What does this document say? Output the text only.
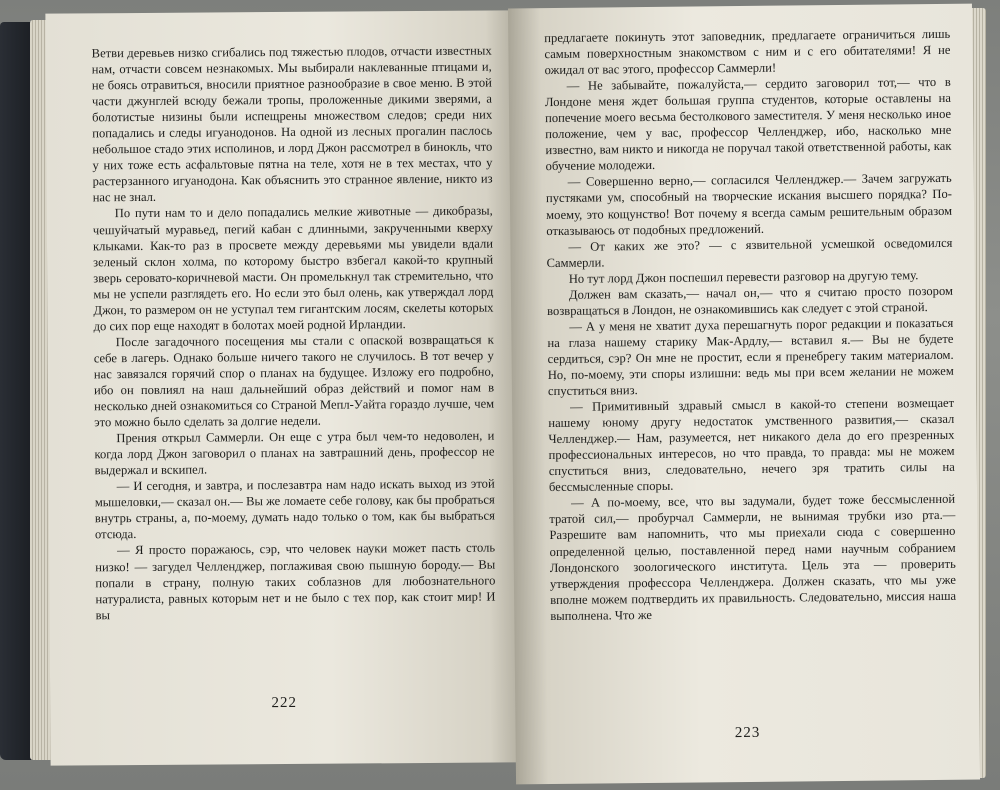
Ветви деревьев низко сгибались под тяжестью плодов, отчасти известных нам, отчасти совсем незнакомых. Мы выбирали наклеванные птицами и, не боясь отравиться, вносили приятное разнообразие в свое меню. В этой части джунглей всюду бежали тропы, проложенные дикими зверями, а болотистые низины были испещрены множеством следов; среди них попадались и следы игуанодонов. На одной из лесных прогалин паслось небольшое стадо этих исполинов, и лорд Джон рассмотрел в бинокль, что у них тоже есть асфальтовые пятна на теле, хотя не в тех местах, что у растерзанного игуанодона. Как объяснить это странное явление, никто из нас не знал.

По пути нам то и дело попадались мелкие животные — дикобразы, чешуйчатый муравьед, пегий кабан с длинными, закрученными кверху клыками. Как-то раз в просвете между деревьями мы увидели вдали зеленый склон холма, по которому быстро взбегал какой-то крупный зверь серовато-коричневой масти. Он промелькнул так стремительно, что мы не успели разглядеть его. Но если это был олень, как утверждал лорд Джон, то размером он не уступал тем гигантским лосям, скелеты которых до сих пор еще находят в болотах моей родной Ирландии.

После загадочного посещения мы стали с опаской возвращаться к себе в лагерь. Однако больше ничего такого не случилось. В тот вечер у нас завязался горячий спор о планах на будущее. Изложу его подробно, ибо он повлиял на наш дальнейший образ действий и помог нам в несколько дней ознакомиться со Страной Мепл-Уайта гораздо лучше, чем это можно было сделать за долгие недели.

Прения открыл Саммерли. Он еще с утра был чем-то недоволен, и когда лорд Джон заговорил о планах на завтрашний день, профессор не выдержал и вскипел.

— И сегодня, и завтра, и послезавтра нам надо искать выход из этой мышеловки,— сказал он.— Вы же ломаете себе голову, как бы пробраться внутрь страны, а, по-моему, думать надо только о том, как бы выбраться отсюда.

— Я просто поражаюсь, сэр, что человек науки может пасть столь низко! — загудел Челленджер, поглаживая свою пышную бороду.— Вы попали в страну, полную таких соблазнов для любознательного натуралиста, равных которым нет и не было с тех пор, как стоит мир! И вы

222

предлагаете покинуть этот заповедник, предлагаете ограничиться лишь самым поверхностным знакомством с ним и с его обитателями! Я не ожидал от вас этого, профессор Саммерли!

— Не забывайте, пожалуйста,— сердито заговорил тот,— что в Лондоне меня ждет большая группа студентов, которые оставлены на попечение моего весьма бестолкового заместителя. У меня несколько иное положение, чем у вас, профессор Челленджер, ибо, насколько мне известно, вам никто и никогда не поручал такой ответственной работы, как обучение молодежи.

— Совершенно верно,— согласился Челленджер.— Зачем загружать пустяками ум, способный на творческие искания высшего порядка? По-моему, это кощунство! Вот почему я всегда самым решительным образом отказываюсь от подобных предложений.

— От каких же это? — с язвительной усмешкой осведомился Саммерли.

Но тут лорд Джон поспешил перевести разговор на другую тему.

Должен вам сказать,— начал он,— что я считаю просто позором возвращаться в Лондон, не ознакомившись как следует с этой страной.

— А у меня не хватит духа перешагнуть порог редакции и показаться на глаза нашему старику Мак-Ардлу,— вставил я.— Вы не будете сердиться, сэр? Он мне не простит, если я пренебрегу таким материалом. Но, по-моему, эти споры излишни: ведь мы при всем желании не можем спуститься вниз.

— Примитивный здравый смысл в какой-то степени возмещает нашему юному другу недостаток умственного развития,— сказал Челленджер.— Нам, разумеется, нет никакого дела до его презренных профессиональных интересов, но что правда, то правда: мы не можем спуститься вниз, следовательно, нечего зря тратить силы на бессмысленные споры.

— А по-моему, все, что вы задумали, будет тоже бессмысленной тратой сил,— пробурчал Саммерли, не вынимая трубки изо рта.— Разрешите вам напомнить, что мы приехали сюда с совершенно определенной целью, поставленной перед нами научным собранием Лондонского зоологического института. Цель эта — проверить утверждения профессора Челленджера. Должен сказать, что мы уже вполне можем подтвердить их правильность. Следовательно, миссия наша выполнена. Что же

223
